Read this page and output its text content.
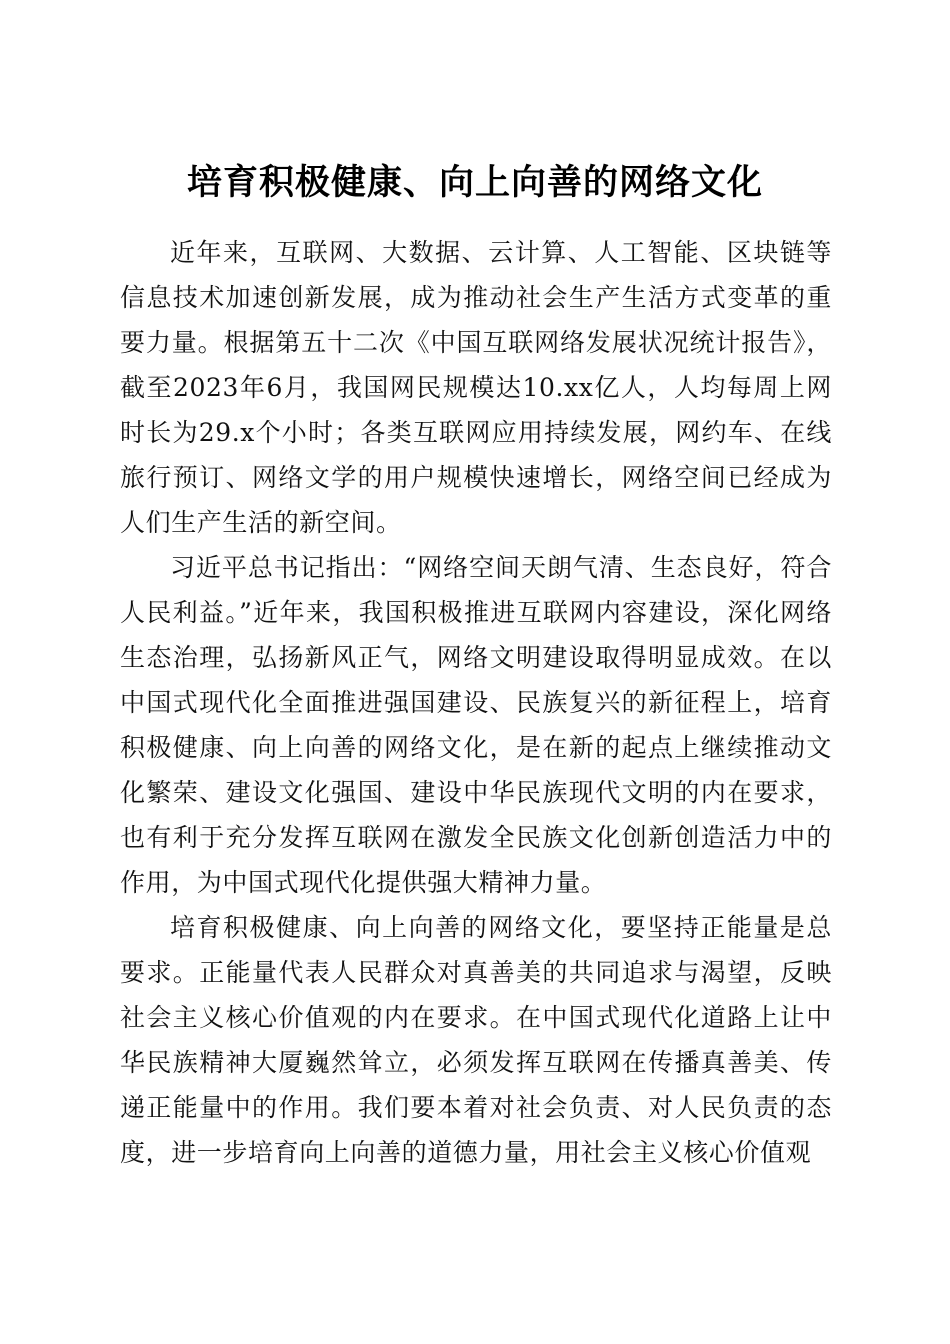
培育积极健康、向上向善的网络文化

近年来，互联网、大数据、云计算、人工智能、区块链等信息技术加速创新发展，成为推动社会生产生活方式变革的重要力量。根据第五十二次《中国互联网络发展状况统计报告》，截至2023年6月，我国网民规模达10.xx亿人，人均每周上网时长为29.x个小时；各类互联网应用持续发展，网约车、在线旅行预订、网络文学的用户规模快速增长，网络空间已经成为人们生产生活的新空间。

习近平总书记指出：“网络空间天朗气清、生态良好，符合人民利益。”近年来，我国积极推进互联网内容建设，深化网络生态治理，弘扬新风正气，网络文明建设取得明显成效。在以中国式现代化全面推进强国建设、民族复兴的新征程上，培育积极健康、向上向善的网络文化，是在新的起点上继续推动文化繁荣、建设文化强国、建设中华民族现代文明的内在要求，也有利于充分发挥互联网在激发全民族文化创新创造活力中的作用，为中国式现代化提供强大精神力量。

培育积极健康、向上向善的网络文化，要坚持正能量是总要求。正能量代表人民群众对真善美的共同追求与渴望，反映社会主义核心价值观的内在要求。在中国式现代化道路上让中华民族精神大厦巍然耸立，必须发挥互联网在传播真善美、传递正能量中的作用。我们要本着对社会负责、对人民负责的态度，进一步培育向上向善的道德力量，用社会主义核心价值观
